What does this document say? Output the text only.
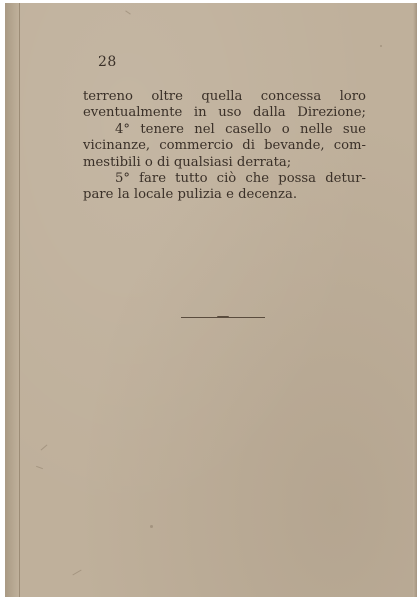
28
terreno oltre quella concessa loro
eventualmente in uso dalla Direzione;
4° tenere nel casello o nelle sue
vicinanze, commercio di bevande, com-
mestibili o di qualsiasi derrata;
5° fare tutto ciò che possa detur-
pare la locale pulizia e decenza.
